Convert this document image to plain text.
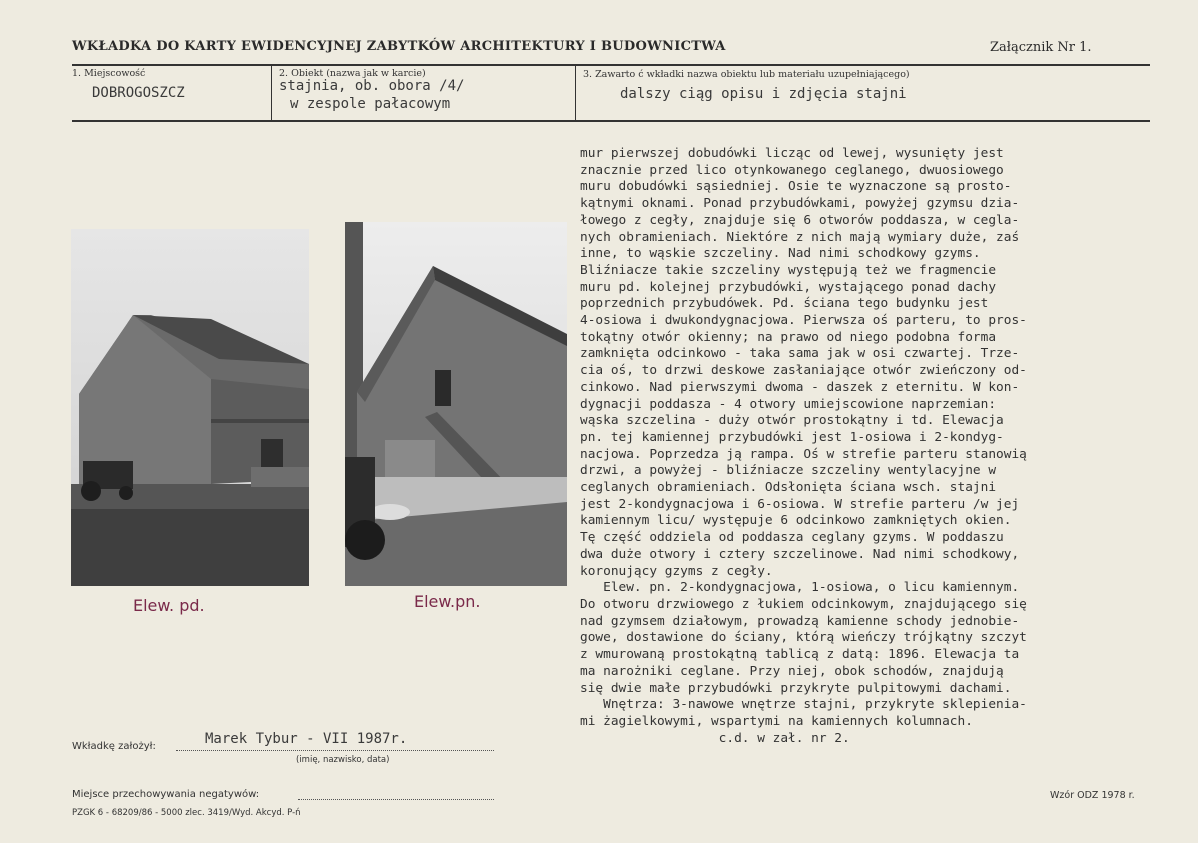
WKŁADKA DO KARTY EWIDENCYJNEJ ZABYTKÓW ARCHITEKTURY I BUDOWNICTWA	Załącznik Nr 1.
1. Miejscowość
DOBROGOSZCZ
2. Obiekt (nazwa jak w karcie)
stajnia, ob. obora /4/
w zespole pałacowym
3. Zawarto ć wkładki nazwa obiektu lub materiału uzupełniającego)
dalszy ciąg opisu i zdjęcia stajni
Elew. pd.	Elew.pn.
mur pierwszej dobudówki licząc od lewej, wysunięty jest
znacznie przed lico otynkowanego ceglanego, dwuosiowego
muru dobudówki sąsiedniej. Osie te wyznaczone są prosto-
kątnymi oknami. Ponad przybudówkami, powyżej gzymsu dzia-
łowego z cegły, znajduje się 6 otworów poddasza, w cegla-
nych obramieniach. Niektóre z nich mają wymiary duże, zaś
inne, to wąskie szczeliny. Nad nimi schodkowy gzyms.
Bliźniacze takie szczeliny występują też we fragmencie
muru pd. kolejnej przybudówki, wystającego ponad dachy
poprzednich przybudówek. Pd. ściana tego budynku jest
4-osiowa i dwukondygnacjowa. Pierwsza oś parteru, to pros-
tokątny otwór okienny; na prawo od niego podobna forma
zamknięta odcinkowo - taka sama jak w osi czwartej. Trze-
cia oś, to drzwi deskowe zasłaniające otwór zwieńczony od-
cinkowo. Nad pierwszymi dwoma - daszek z eternitu. W kon-
dygnacji poddasza - 4 otwory umiejscowione naprzemian:
wąska szczelina - duży otwór prostokątny i td. Elewacja
pn. tej kamiennej przybudówki jest 1-osiowa i 2-kondyg-
nacjowa. Poprzedza ją rampa. Oś w strefie parteru stanowią
drzwi, a powyżej - bliźniacze szczeliny wentylacyjne w
ceglanych obramieniach. Odsłonięta ściana wsch. stajni
jest 2-kondygnacjowa i 6-osiowa. W strefie parteru /w jej
kamiennym licu/ występuje 6 odcinkowo zamkniętych okien.
Tę część oddziela od poddasza ceglany gzyms. W poddaszu
dwa duże otwory i cztery szczelinowe. Nad nimi schodkowy,
koronujący gzyms z cegły.
Elew. pn. 2-kondygnacjowa, 1-osiowa, o licu kamiennym.
Do otworu drzwiowego z łukiem odcinkowym, znajdującego się
nad gzymsem działowym, prowadzą kamienne schody jednobie-
gowe, dostawione do ściany, którą wieńczy trójkątny szczyt
z wmurowaną prostokątną tablicą z datą: 1896. Elewacja ta
ma narożniki ceglane. Przy niej, obok schodów, znajdują
się dwie małe przybudówki przykryte pulpitowymi dachami.
Wnętrza: 3-nawowe wnętrze stajni, przykryte sklepienia-
mi żagielkowymi, wspartymi na kamiennych kolumnach.
c.d. w zał. nr 2.
Wkładkę założył:	Marek Tybur - VII 1987r.
(imię, nazwisko, data)
Miejsce przechowywania negatywów:
PZGK 6 - 68209/86 - 5000 zlec. 3419/Wyd. Akcyd. P-ń
Wzór ODZ 1978 r.
